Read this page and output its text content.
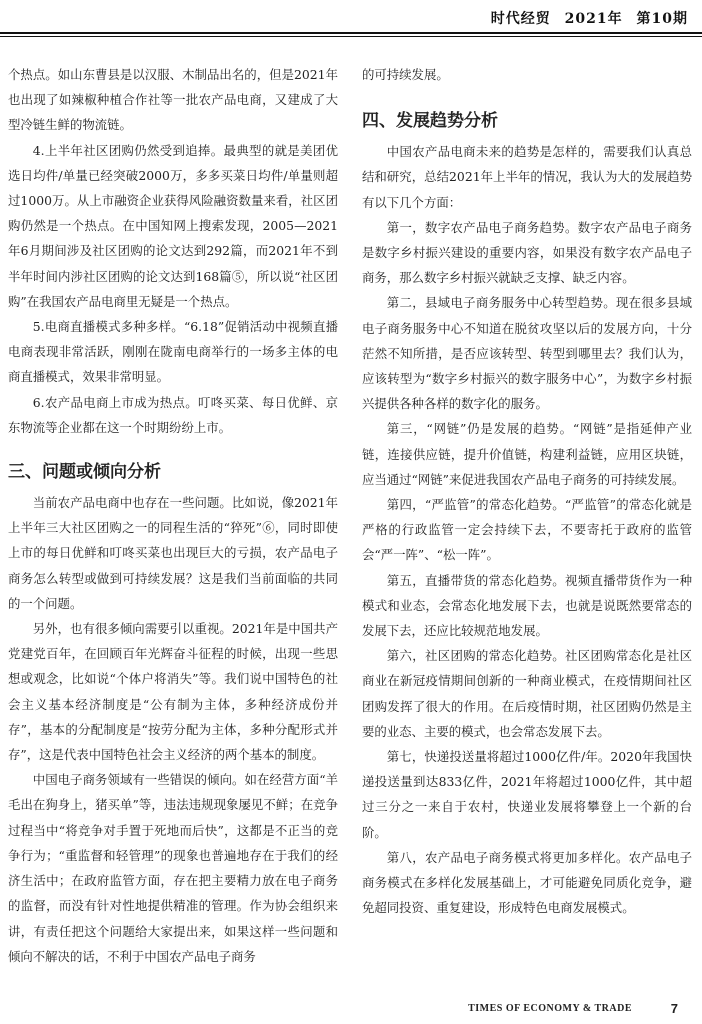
时代经贸 2021年 第10期

个热点。如山东曹县是以汉服、木制品出名的，但是2021年也出现了如辣椒种植合作社等一批农产品电商，又建成了大型冷链生鲜的物流链。

4.上半年社区团购仍然受到追捧。最典型的就是美团优选日均件/单量已经突破2000万，多多买菜日均件/单量则超过1000万。从上市融资企业获得风险融资数量来看，社区团购仍然是一个热点。在中国知网上搜索发现，2005—2021年6月期间涉及社区团购的论文达到292篇，而2021年不到半年时间内涉社区团购的论文达到168篇⑤，所以说“社区团购”在我国农产品电商里无疑是一个热点。

5.电商直播模式多种多样。“6.18”促销活动中视频直播电商表现非常活跃，刚刚在陇南电商举行的一场多主体的电商直播模式，效果非常明显。

6.农产品电商上市成为热点。叮咚买菜、每日优鲜、京东物流等企业都在这一个时期纷纷上市。

三、问题或倾向分析

当前农产品电商中也存在一些问题。比如说，像2021年上半年三大社区团购之一的同程生活的“猝死”⑥，同时即使上市的每日优鲜和叮咚买菜也出现巨大的亏损，农产品电子商务怎么转型或做到可持续发展？这是我们当前面临的共同的一个问题。

另外，也有很多倾向需要引以重视。2021年是中国共产党建党百年，在回顾百年光辉奋斗征程的时候，出现一些思想或观念，比如说“个体户将消失”等。我们说中国特色的社会主义基本经济制度是“公有制为主体，多种经济成份并存”，基本的分配制度是“按劳分配为主体，多种分配形式并存”，这是代表中国特色社会主义经济的两个基本的制度。

中国电子商务领域有一些错误的倾向。如在经营方面“羊毛出在狗身上，猪买单”等，违法违规现象屡见不鲜；在竞争过程当中“将竞争对手置于死地而后快”，这都是不正当的竞争行为；“重监督和轻管理”的现象也普遍地存在于我们的经济生活中；在政府监管方面，存在把主要精力放在电子商务的监督，而没有针对性地提供精准的管理。作为协会组织来讲，有责任把这个问题给大家提出来，如果这样一些问题和倾向不解决的话，不利于中国农产品电子商务

的可持续发展。

四、发展趋势分析

中国农产品电商未来的趋势是怎样的，需要我们认真总结和研究，总结2021年上半年的情况，我认为大的发展趋势有以下几个方面：

第一，数字农产品电子商务趋势。数字农产品电子商务是数字乡村振兴建设的重要内容，如果没有数字农产品电子商务，那么数字乡村振兴就缺乏支撑、缺乏内容。

第二，县域电子商务服务中心转型趋势。现在很多县域电子商务服务中心不知道在脱贫攻坚以后的发展方向，十分茫然不知所措，是否应该转型、转型到哪里去？我们认为，应该转型为“数字乡村振兴的数字服务中心”，为数字乡村振兴提供各种各样的数字化的服务。

第三，“网链”仍是发展的趋势。“网链”是指延伸产业链，连接供应链，提升价值链，构建利益链，应用区块链，应当通过“网链”来促进我国农产品电子商务的可持续发展。

第四，“严监管”的常态化趋势。“严监管”的常态化就是严格的行政监管一定会持续下去，不要寄托于政府的监管会“严一阵”、“松一阵”。

第五，直播带货的常态化趋势。视频直播带货作为一种模式和业态，会常态化地发展下去，也就是说既然要常态的发展下去，还应比较规范地发展。

第六，社区团购的常态化趋势。社区团购常态化是社区商业在新冠疫情期间创新的一种商业模式，在疫情期间社区团购发挥了很大的作用。在后疫情时期，社区团购仍然是主要的业态、主要的模式，也会常态发展下去。

第七，快递投送量将超过1000亿件/年。2020年我国快递投送量到达833亿件，2021年将超过1000亿件，其中超过三分之一来自于农村，快递业发展将攀登上一个新的台阶。

第八，农产品电子商务模式将更加多样化。农产品电子商务模式在多样化发展基础上，才可能避免同质化竞争，避免超同投资、重复建设，形成特色电商发展模式。

TIMES OF ECONOMY & TRADE	7
